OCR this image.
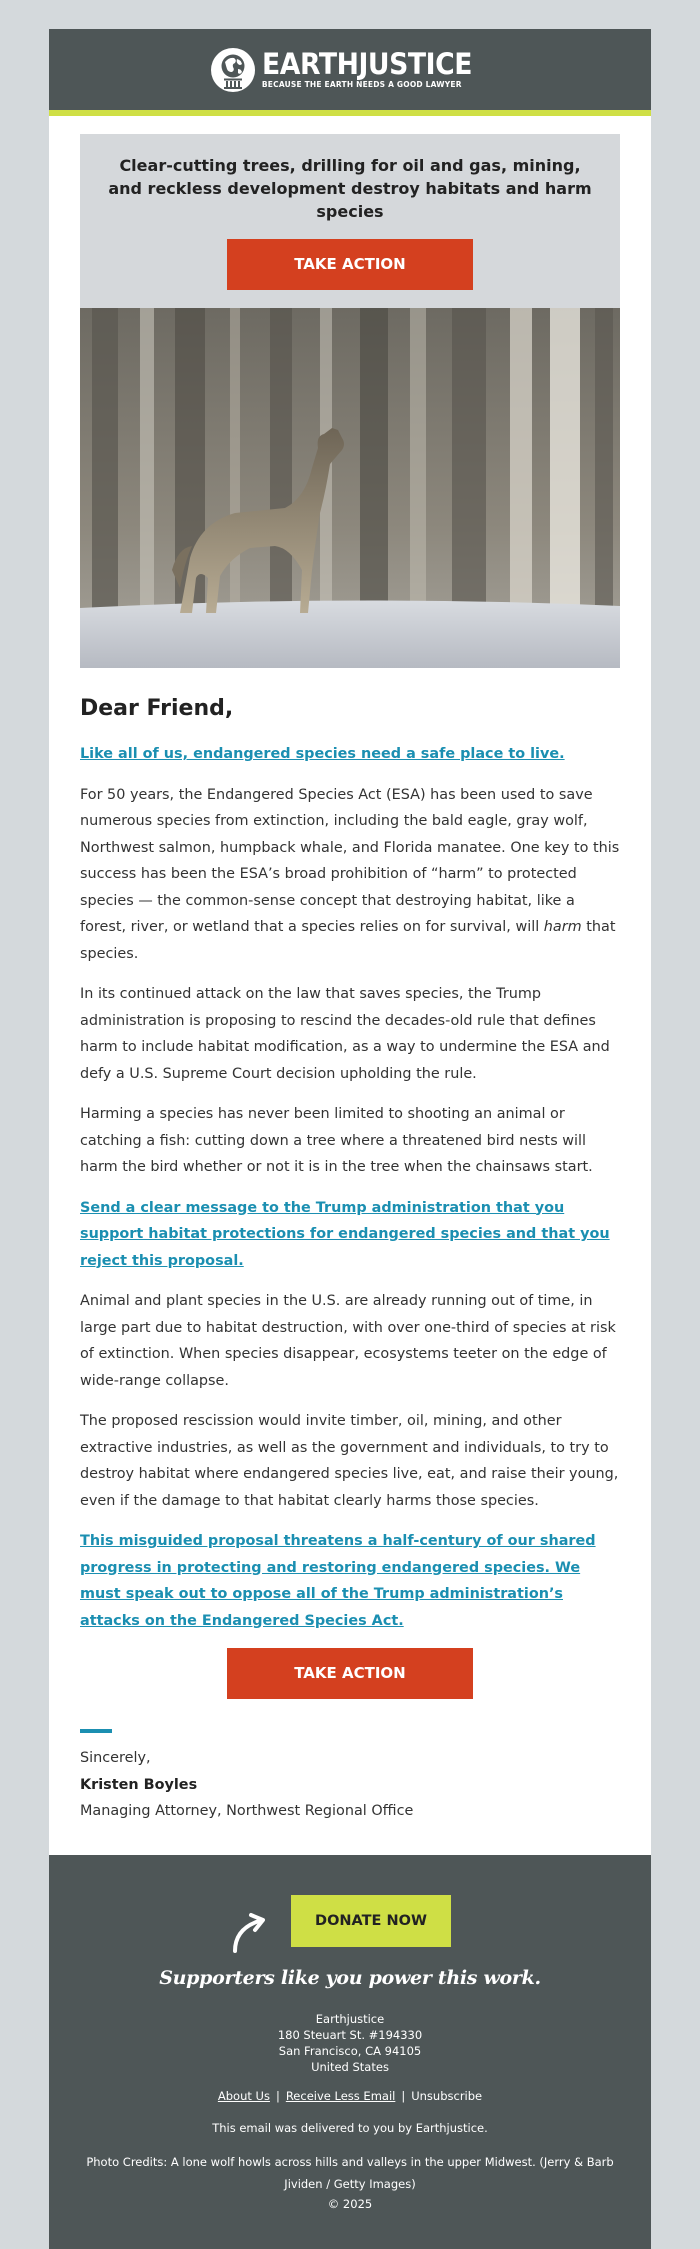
EARTHJUSTICE
BECAUSE THE EARTH NEEDS A GOOD LAWYER

Clear-cutting trees, drilling for oil and gas, mining, and reckless development destroy habitats and harm species

TAKE ACTION
Dear Friend,
Like all of us, endangered species need a safe place to live.

For 50 years, the Endangered Species Act (ESA) has been used to save numerous species from extinction, including the bald eagle, gray wolf, Northwest salmon, humpback whale, and Florida manatee. One key to this success has been the ESA’s broad prohibition of “harm” to protected species — the common-sense concept that destroying habitat, like a forest, river, or wetland that a species relies on for survival, will harm that species.

In its continued attack on the law that saves species, the Trump administration is proposing to rescind the decades-old rule that defines harm to include habitat modification, as a way to undermine the ESA and defy a U.S. Supreme Court decision upholding the rule.

Harming a species has never been limited to shooting an animal or catching a fish: cutting down a tree where a threatened bird nests will harm the bird whether or not it is in the tree when the chainsaws start.

Send a clear message to the Trump administration that you support habitat protections for endangered species and that you reject this proposal.

Animal and plant species in the U.S. are already running out of time, in large part due to habitat destruction, with over one-third of species at risk of extinction. When species disappear, ecosystems teeter on the edge of wide-range collapse.

The proposed rescission would invite timber, oil, mining, and other extractive industries, as well as the government and individuals, to try to destroy habitat where endangered species live, eat, and raise their young, even if the damage to that habitat clearly harms those species.

This misguided proposal threatens a half-century of our shared progress in protecting and restoring endangered species. We must speak out to oppose all of the Trump administration’s attacks on the Endangered Species Act.
TAKE ACTION
Sincerely,
Kristen Boyles
Managing Attorney, Northwest Regional Office
DONATE NOW
Supporters like you power this work.
Earthjustice
180 Steuart St. #194330
San Francisco, CA 94105
United States
About Us | Receive Less Email | Unsubscribe
This email was delivered to you by Earthjustice.
Photo Credits: A lone wolf howls across hills and valleys in the upper Midwest. (Jerry & Barb Jividen / Getty Images)
© 2025
